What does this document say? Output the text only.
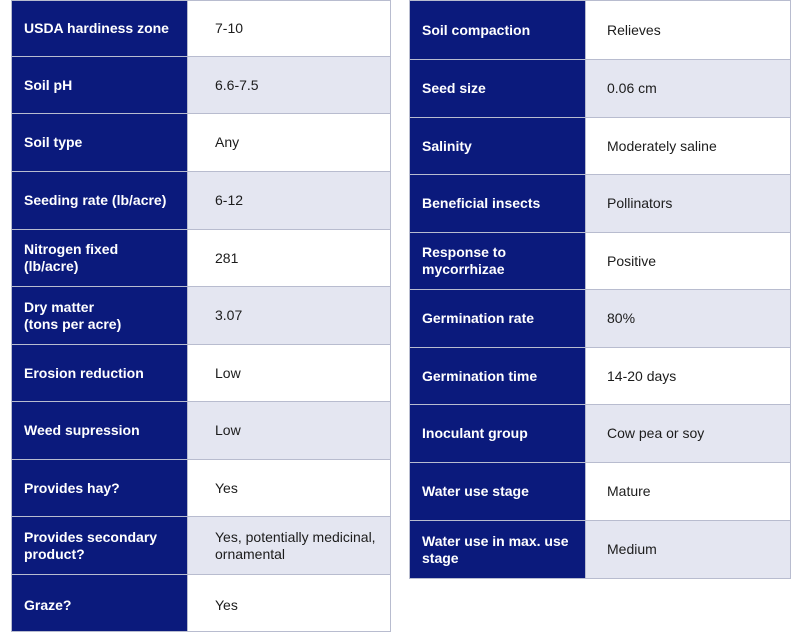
USDA hardiness zone	7-10
Soil pH	6.6-7.5
Soil type	Any
Seeding rate (lb/acre)	6-12
Nitrogen fixed (lb/acre)	281
Dry matter
(tons per acre)	3.07
Erosion reduction	Low
Weed supression	Low
Provides hay?	Yes
Provides secondary product?	Yes, potentially medicinal, ornamental
Graze?	Yes
Soil compaction	Relieves
Seed size	0.06 cm
Salinity	Moderately saline
Beneficial insects	Pollinators
Response to mycorrhizae	Positive
Germination rate	80%
Germination time	14-20 days
Inoculant group	Cow pea or soy
Water use stage	Mature
Water use in max. use stage	Medium
